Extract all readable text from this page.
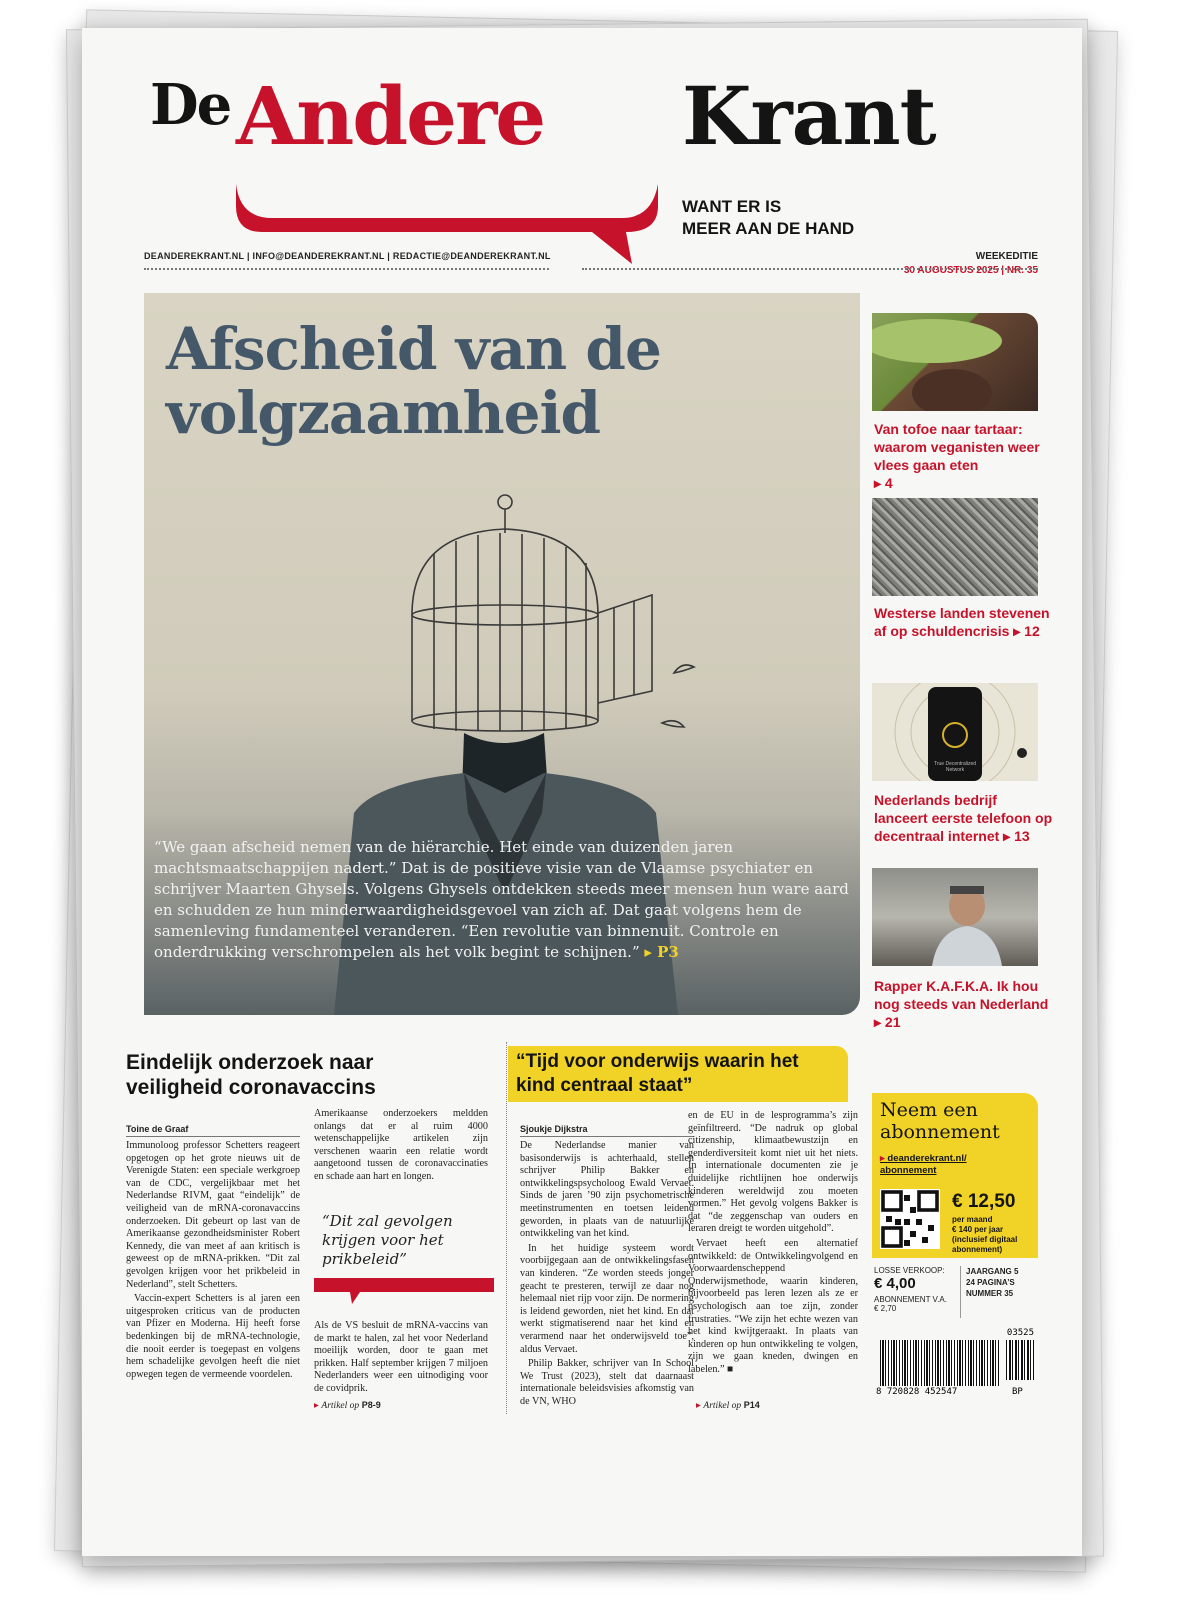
De Andere Krant
WANT ER IS
MEER AAN DE HAND
DEANDEREKRANT.NL | INFO@DEANDEREKRANT.NL | REDACTIE@DEANDEREKRANT.NL	WEEKEDITIE
30 AUGUSTUS 2025 | NR. 35
Afscheid van de
volgzaamheid
“We gaan afscheid nemen van de hiërarchie. Het einde van duizenden jaren machtsmaatschappijen nadert.” Dat is de positieve visie van de Vlaamse psychiater en schrijver Maarten Ghysels. Volgens Ghysels ontdekken steeds meer mensen hun ware aard en schudden ze hun minderwaardigheidsgevoel van zich af. Dat gaat volgens hem de samenleving fundamenteel veranderen. “Een revolutie van binnenuit. Controle en onderdrukking verschrompelen als het volk begint te schijnen.” ▸ P3
Van tofoe naar tartaar: waarom veganisten weer vlees gaan eten
▸ 4
Westerse landen stevenen af op schuldencrisis ▸ 12
True Decentralized Network
Nederlands bedrijf lanceert eerste telefoon op decentraal internet ▸ 13
Rapper K.A.F.K.A. Ik hou nog steeds van Nederland ▸ 21
Eindelijk onderzoek naar veiligheid coronavaccins
Toine de Graaf

Immunoloog professor Schetters reageert opgetogen op het grote nieuws uit de Verenigde Staten: een speciale werkgroep van de CDC, vergelijkbaar met het Nederlandse RIVM, gaat “eindelijk” de veiligheid van de mRNA-coronavaccins onderzoeken. Dit gebeurt op last van de Amerikaanse gezondheidsminister Robert Kennedy, die van meet af aan kritisch is geweest op de mRNA-prikken. “Dit zal gevolgen krijgen voor het prikbeleid in Nederland”, stelt Schetters.

Vaccin-expert Schetters is al jaren een uitgesproken criticus van de producten van Pfizer en Moderna. Hij heeft forse bedenkingen bij de mRNA-technologie, die nooit eerder is toegepast en volgens hem schadelijke gevolgen heeft die niet opwegen tegen de vermeende voordelen.

Amerikaanse onderzoekers meldden onlangs dat er al ruim 4000 wetenschappelijke artikelen zijn verschenen waarin een relatie wordt aangetoond tussen de coronavaccinaties en schade aan hart en longen.
“Dit zal gevolgen krijgen voor het prikbeleid”
Als de VS besluit de mRNA-vaccins van de markt te halen, zal het voor Nederland moeilijk worden, door te gaan met prikken. Half september krijgen 7 miljoen Nederlanders weer een uitnodiging voor de covidprik.
▸ Artikel op P8-9
“Tijd voor onderwijs waarin het kind centraal staat”
Sjoukje Dijkstra

De Nederlandse manier van basisonderwijs is achterhaald, stellen schrijver Philip Bakker en ontwikkelingspsycholoog Ewald Vervaet. Sinds de jaren ’90 zijn psychometrische meetinstrumenten en toetsen leidend geworden, in plaats van de natuurlijke ontwikkeling van het kind.

In het huidige systeem wordt voorbijgegaan aan de ontwikkelingsfasen van kinderen. “Ze worden steeds jonger geacht te presteren, terwijl ze daar nog helemaal niet rijp voor zijn. De normering is leidend geworden, niet het kind. En dat werkt stigmatiserend naar het kind en verarmend naar het onderwijsveld toe”, aldus Vervaet.

Philip Bakker, schrijver van In School We Trust (2023), stelt dat daarnaast internationale beleidsvisies afkomstig van de VN, WHO

en de EU in de lesprogramma’s zijn geïnfiltreerd. “De nadruk op global citizenship, klimaatbewustzijn en genderdiversiteit komt niet uit het niets. In internationale documenten zie je duidelijke richtlijnen hoe onderwijs kinderen wereldwijd zou moeten vormen.” Het gevolg volgens Bakker is dat “de zeggenschap van ouders en leraren dreigt te worden uitgehold”.

Vervaet heeft een alternatief ontwikkeld: de Ontwikkelingvolgend en Voorwaardenscheppend Onderwijsmethode, waarin kinderen, bijvoorbeeld pas leren lezen als ze er psychologisch aan toe zijn, zonder frustraties. “We zijn het echte wezen van het kind kwijtgeraakt. In plaats van kinderen op hun ontwikkeling te volgen, zijn we gaan kneden, dwingen en labelen.” ■

▸ Artikel op P14
Neem een abonnement
▸ deanderekrant.nl/
abonnement
€ 12,50
per maand
€ 140 per jaar
(inclusief digitaal abonnement)
LOSSE VERKOOP:
€ 4,00
ABONNEMENT V.A.
€ 2,70
JAARGANG 5
24 PAGINA’S
NUMMER 35
03525
8 720828 452547	BP
